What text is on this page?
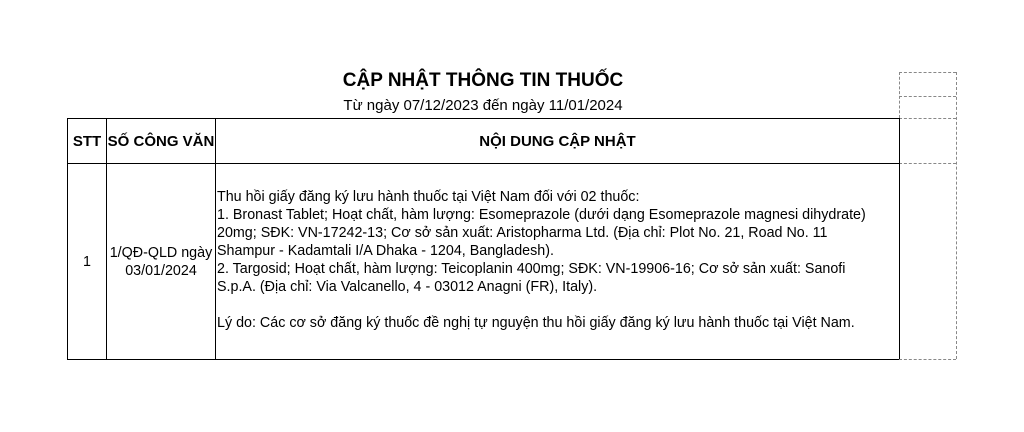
CẬP NHẬT THÔNG TIN THUỐC
Từ ngày 07/12/2023 đến ngày 11/01/2024
STT SỐ CÔNG VĂN	NỘI DUNG CẬP NHẬT
1
1/QĐ-QLD ngày
03/01/2024
Thu hồi giấy đăng ký lưu hành thuốc tại Việt Nam đối với 02 thuốc:
1. Bronast Tablet; Hoạt chất, hàm lượng: Esomeprazole (dưới dạng Esomeprazole magnesi dihydrate)
20mg; SĐK: VN-17242-13; Cơ sở sản xuất: Aristopharma Ltd. (Địa chỉ: Plot No. 21, Road No. 11
Shampur - Kadamtali I/A Dhaka - 1204, Bangladesh).
2. Targosid; Hoạt chất, hàm lượng: Teicoplanin 400mg; SĐK: VN-19906-16; Cơ sở sản xuất: Sanofi
S.p.A. (Địa chỉ: Via Valcanello, 4 - 03012 Anagni (FR), Italy).
Lý do: Các cơ sở đăng ký thuốc đề nghị tự nguyện thu hồi giấy đăng ký lưu hành thuốc tại Việt Nam.
